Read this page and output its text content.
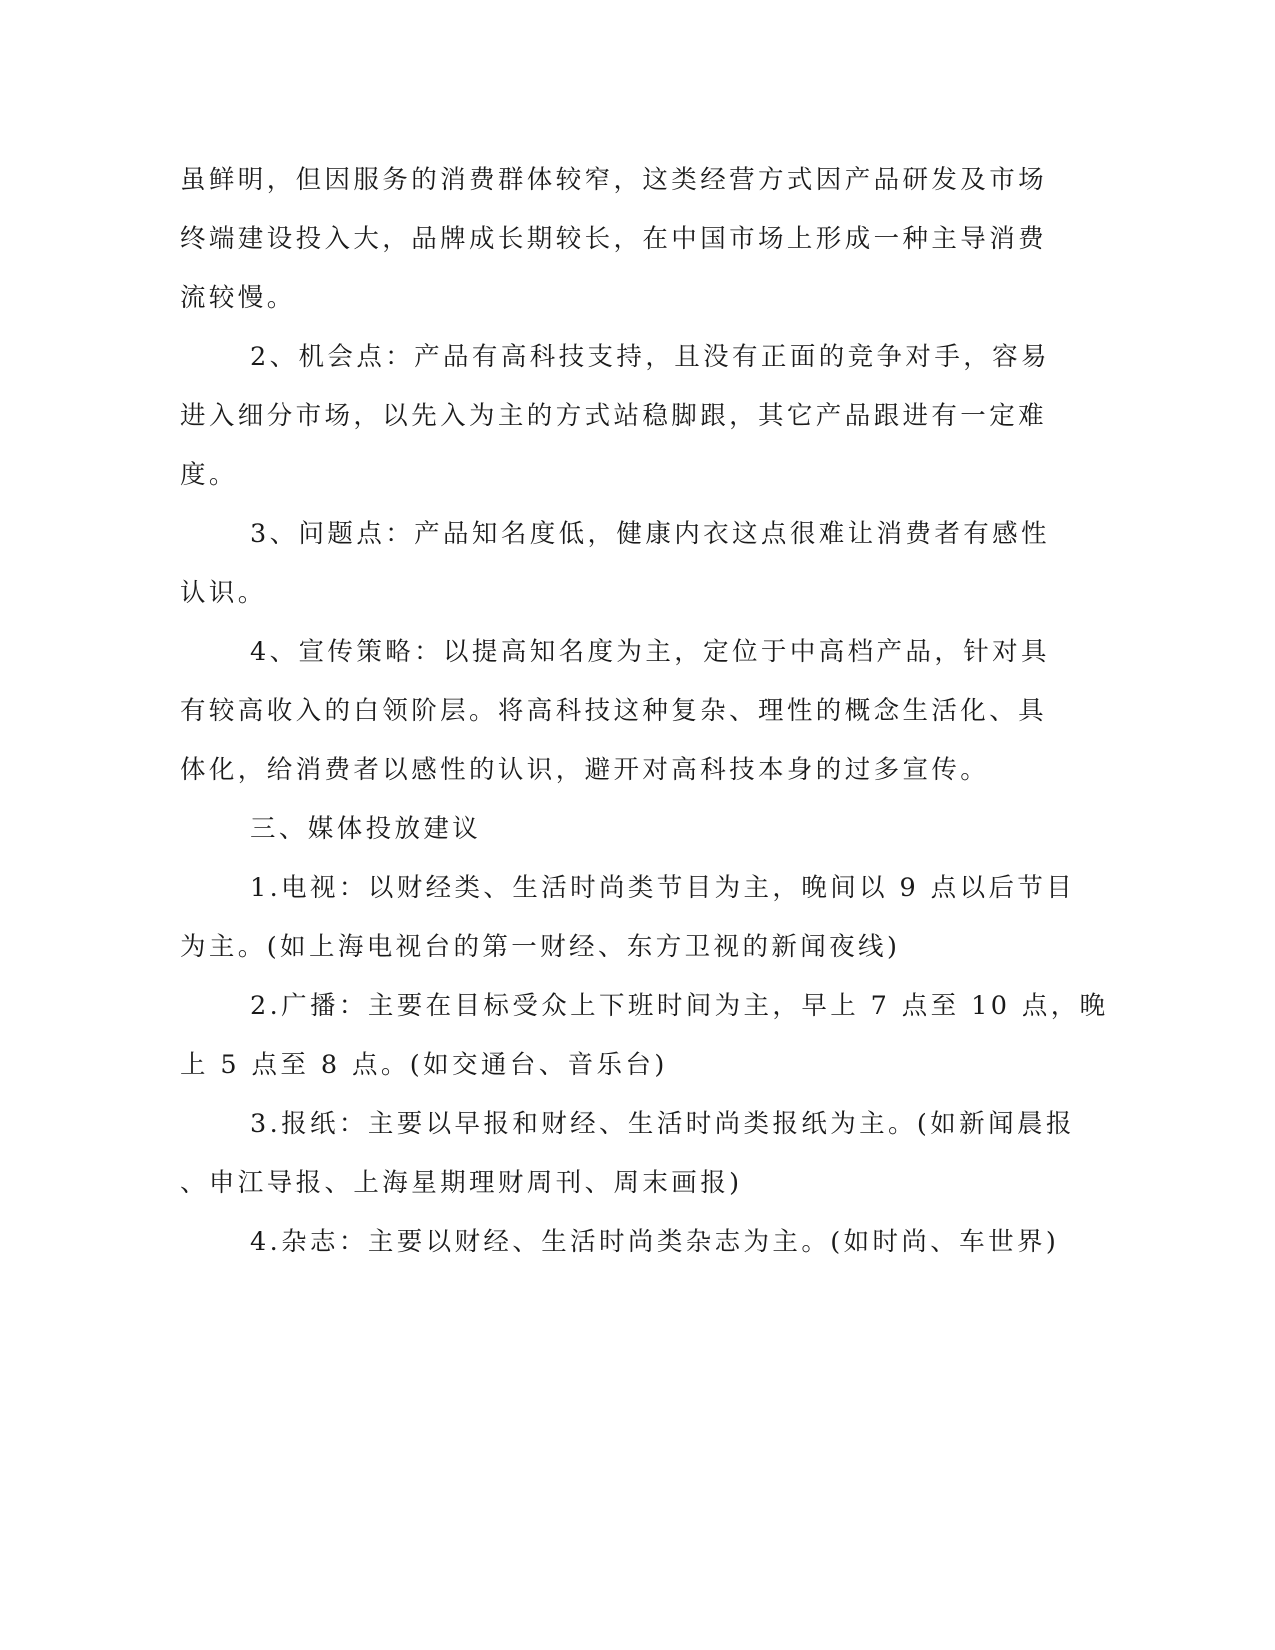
虽鲜明，但因服务的消费群体较窄，这类经营方式因产品研发及市场
终端建设投入大，品牌成长期较长，在中国市场上形成一种主导消费
流较慢。
2、机会点：产品有高科技支持，且没有正面的竞争对手，容易
进入细分市场，以先入为主的方式站稳脚跟，其它产品跟进有一定难
度。
3、问题点：产品知名度低，健康内衣这点很难让消费者有感性
认识。
4、宣传策略：以提高知名度为主，定位于中高档产品，针对具
有较高收入的白领阶层。将高科技这种复杂、理性的概念生活化、具
体化，给消费者以感性的认识，避开对高科技本身的过多宣传。
三、媒体投放建议
1.电视：以财经类、生活时尚类节目为主，晚间以 9 点以后节目
为主。(如上海电视台的第一财经、东方卫视的新闻夜线)
2.广播：主要在目标受众上下班时间为主，早上 7 点至 10 点，晚
上 5 点至 8 点。(如交通台、音乐台)
3.报纸：主要以早报和财经、生活时尚类报纸为主。(如新闻晨报
、申江导报、上海星期理财周刊、周末画报)
4.杂志：主要以财经、生活时尚类杂志为主。(如时尚、车世界)
